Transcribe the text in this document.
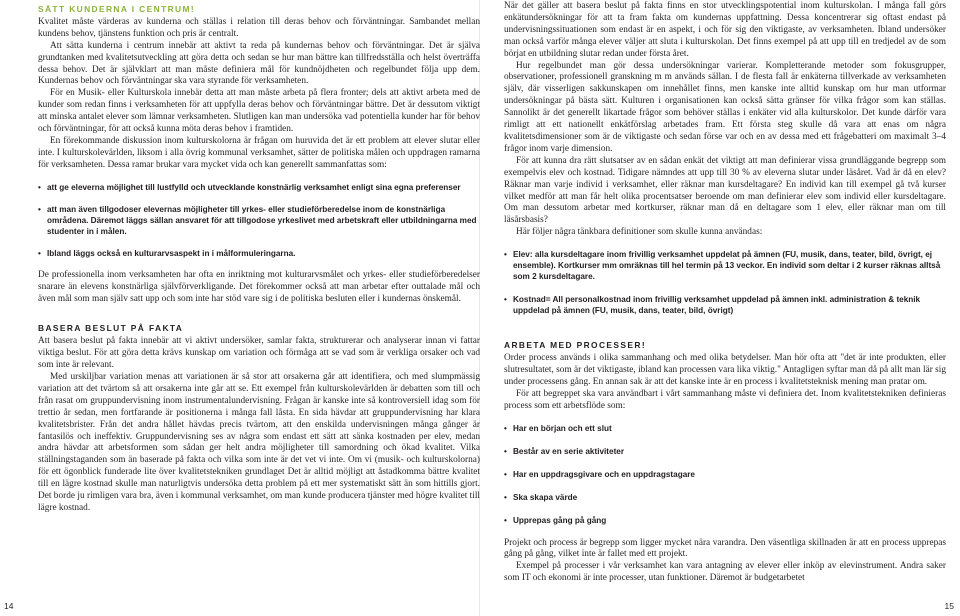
SÄTT KUNDERNA I CENTRUM!

Kvalitet måste värderas av kunderna och ställas i relation till deras behov och förväntningar. Sambandet mellan kundens behov, tjänstens funktion och pris är centralt.

Att sätta kunderna i centrum innebär att aktivt ta reda på kundernas behov och förväntningar. Det är själva grundtanken med kvalitetsutveckling att göra detta och sedan se hur man bättre kan tillfredsställa och helst överträffa dessa behov. Det är självklart att man måste definiera mål för kundnöjdheten och regelbundet följa upp dem. Kundernas behov och förväntningar ska vara styrande för verksamheten.

För en Musik- eller Kulturskola innebär detta att man måste arbeta på flera fronter; dels att aktivt arbeta med de kunder som redan finns i verksamheten för att uppfylla deras behov och förväntningar bättre. Det är dessutom viktigt att minska antalet elever som lämnar verksamheten. Slutligen kan man undersöka vad potentiella kunder har för behov och förväntningar, för att också kunna möta deras behov i framtiden.

En förekommande diskussion inom kulturskolorna är frågan om huruvida det är ett problem att elever slutar eller inte. I kulturskolevärlden, liksom i alla övrig kommunal verksamhet, sätter de politiska målen och uppdragen ramarna för verksamheten. Dessa ramar brukar vara mycket vida och kan generellt sammanfattas som:

• att ge eleverna möjlighet till lustfylld och utvecklande konstnärlig verksamhet enligt sina egna preferenser
• att man även tillgodoser elevernas möjligheter till yrkes- eller studieförberedelse inom de konstnärliga områdena. Däremot läggs sällan ansvaret för att tillgodose yrkeslivet med arbetskraft eller utbildningarna med studenter in i målen.
• Ibland läggs också en kulturarvsaspekt in i målformuleringarna.

De professionella inom verksamheten har ofta en inriktning mot kulturarvsmålet och yrkes- eller studieförberedelser snarare än elevens konstnärliga självförverkligande. Det förekommer också att man arbetar efter outtalade mål och även mål som man själv satt upp och som inte har stöd vare sig i de politiska besluten eller i kundernas önskemål.

BASERA BESLUT PÅ FAKTA

Att basera beslut på fakta innebär att vi aktivt undersöker, samlar fakta, strukturerar och analyserar innan vi fattar viktiga beslut. För att göra detta krävs kunskap om variation och förmåga att se vad som är verkliga orsaker och vad som inte är relevant.

Med urskiljbar variation menas att variationen är så stor att orsakerna går att identifiera, och med slumpmässig variation att det tvärtom så att orsakerna inte går att se. Ett exempel från kulturskolevärlden är debatten som till och från rasat om gruppundervisning inom instrumentalundervisning. Frågan är kanske inte så kontroversiell idag som för trettio år sedan, men fortfarande är positionerna i många fall låsta. En sida hävdar att gruppundervisning har klara kvalitetsbrister. Från det andra hållet hävdas precis tvärtom, att den enskilda undervisningen många gånger är fantasilös och ineffektiv. Gruppundervisning ses av några som endast ett sätt att sänka kostnaden per elev, medan andra hävdar att arbetsformen som sådan ger helt andra möjligheter till samordning och ökad kvalitet. Vilka ställningstaganden som än baserade på fakta och vilka som inte är det vet vi inte. Om vi (musik- och kulturskolorna) för ett ögonblick funderade lite över kvalitetstekniken grundlaget Det är alltid möjligt att åstadkomma bättre kvalitet till en lägre kostnad skulle man naturligtvis undersöka detta problem på ett mer systematiskt sätt än som hittills gjort. Det borde ju rimligen vara bra, även i kommunal verksamhet, om man kunde producera tjänster med högre kvalitet till lägre kostnad.

När det gäller att basera beslut på fakta finns en stor utvecklingspotential inom kulturskolan. I många fall görs enkätundersökningar för att ta fram fakta om kundernas uppfattning. Dessa koncentrerar sig oftast endast på undervisningssituationen som endast är en aspekt, i och för sig den viktigaste, av verksamheten. Ibland undersöker man också varför många elever väljer att sluta i kulturskolan. Det finns exempel på att upp till en tredjedel av de som börjat en utbildning slutar redan under första året.

Hur regelbundet man gör dessa undersökningar varierar. Kompletterande metoder som fokusgrupper, observationer, professionell granskning m m används sällan. I de flesta fall är enkäterna tillverkade av verksamheten själv, där visserligen sakkunskapen om innehållet finns, men kanske inte alltid kunskap om hur man utformar undersökningar på bästa sätt. Kulturen i organisationen kan också sätta gränser för vilka frågor som kan ställas. Sannolikt är det generellt likartade frågor som behöver ställas i enkäter vid alla kulturskolor. Det kunde därför vara rimligt att ett nationellt enkätförslag arbetades fram. Ett första steg skulle då vara att enas om några kvalitetsdimensioner som är de viktigaste och sedan förse var och en av dessa med ett frågebatteri om maximalt 3–4 frågor inom varje dimension.

För att kunna dra rätt slutsatser av en sådan enkät det viktigt att man definierar vissa grundläggande begrepp som exempelvis elev och kostnad. Tidigare nämndes att upp till 30 % av eleverna slutar under läsåret. Vad är då en elev? Räknar man varje individ i verksamhet, eller räknar man kursdeltagare? En individ kan till exempel gå två kurser vilket medför att man får helt olika procentsatser beroende om man definierar elev som individ eller kursdeltagare. Om man dessutom arbetar med kortkurser, räknar man då en deltagare som 1 elev, eller räknar man om till läsårsbasis?

Här följer några tänkbara definitioner som skulle kunna användas:

• Elev: alla kursdeltagare inom frivillig verksamhet uppdelat på ämnen (FU, musik, dans, teater, bild, övrigt, ej ensemble). Kortkurser mm omräknas till hel termin på 13 veckor. En individ som deltar i 2 kurser räknas alltså som 2 kursdeltagare.
• Kostnad= All personalkostnad inom frivillig verksamhet uppdelad på ämnen inkl. administration & teknik uppdelad på ämnen (FU, musik, dans, teater, bild, övrigt)
ARBETA MED PROCESSER!

Order process används i olika sammanhang och med olika betydelser. Man hör ofta att "det är inte produkten, eller slutresultatet, som är det viktigaste, ibland kan processen vara lika viktig." Antagligen syftar man då på allt man lär sig under processens gång. En annan sak är att det kanske inte är en process i kvalitetsteknisk mening man pratar om.

För att begreppet ska vara användbart i vårt sammanhang måste vi definiera det. Inom kvalitetstekniken definieras process som ett arbetsflöde som:

• Har en början och ett slut
• Består av en serie aktiviteter
• Har en uppdragsgivare och en uppdragstagare
• Ska skapa värde
• Upprepas gång på gång

Projekt och process är begrepp som ligger mycket nära varandra. Den väsentliga skillnaden är att en process upprepas gång på gång, vilket inte är fallet med ett projekt.

Exempel på processer i vår verksamhet kan vara antagning av elever eller inköp av elevinstrument. Andra saker som IT och ekonomi är inte processer, utan funktioner. Däremot är budgetarbetet

14	15
